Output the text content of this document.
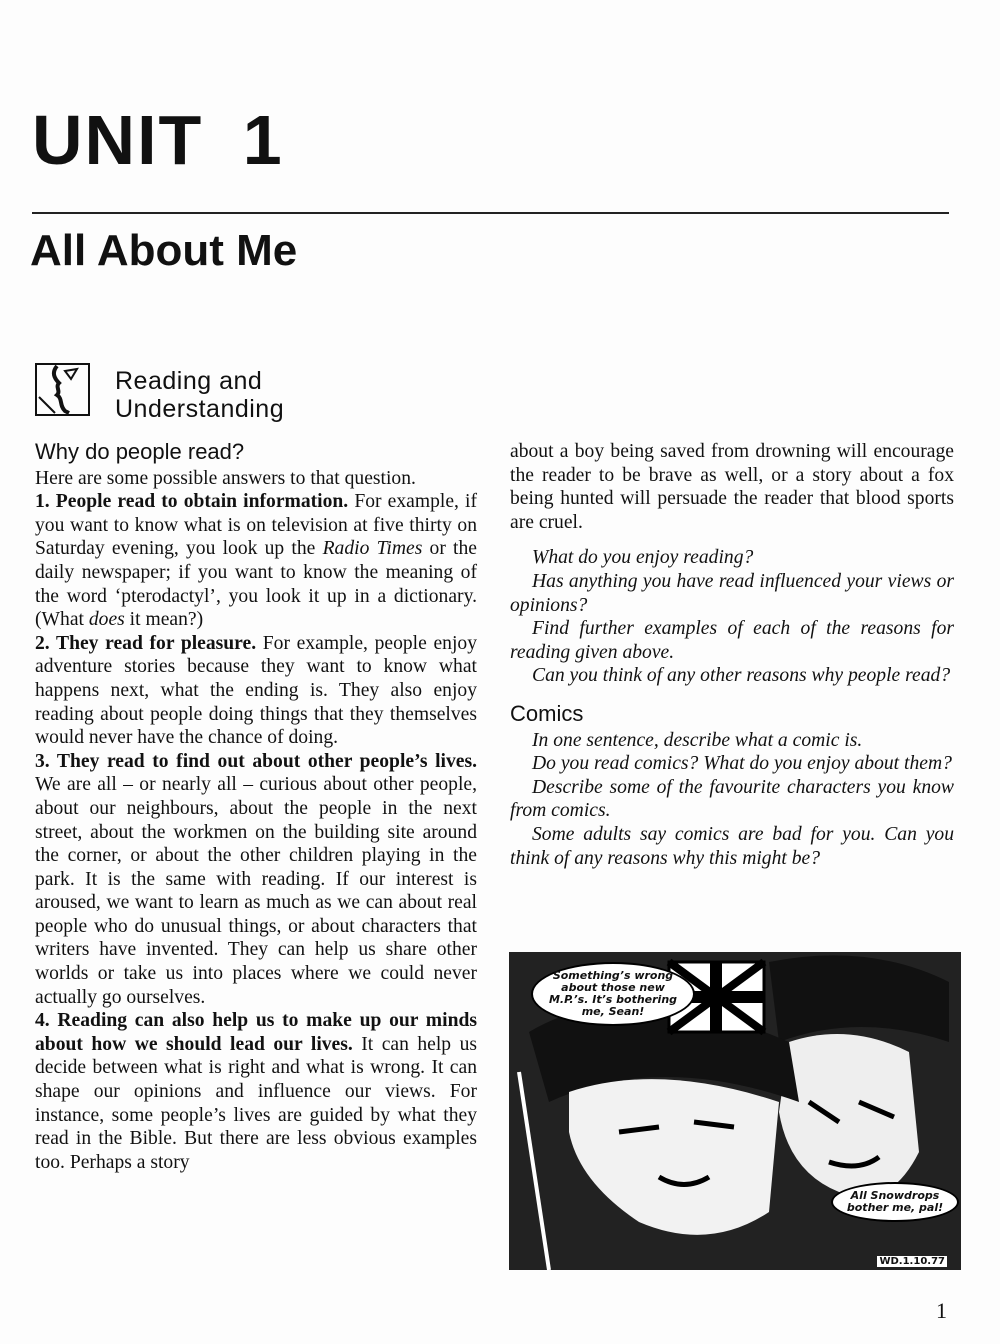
UNIT 1
All About Me
Reading and
Understanding
Why do people read?

Here are some possible answers to that question.

1. People read to obtain information. For example, if you want to know what is on television at five thirty on Saturday evening, you look up the Radio Times or the daily newspaper; if you want to know the meaning of the word ‘pterodactyl’, you look it up in a dictionary. (What does it mean?)

2. They read for pleasure. For example, people enjoy adventure stories because they want to know what happens next, what the ending is. They also enjoy reading about people doing things that they themselves would never have the chance of doing.

3. They read to find out about other people’s lives. We are all – or nearly all – curious about other people, about our neighbours, about the people in the next street, about the workmen on the building site around the corner, or about the other children playing in the park. It is the same with reading. If our interest is aroused, we want to learn as much as we can about real people who do unusual things, or about characters that writers have invented. They can help us share other worlds or take us into places where we could never actually go ourselves.

4. Reading can also help us to make up our minds about how we should lead our lives. It can help us decide between what is right and what is wrong. It can shape our opinions and influence our views. For instance, some people’s lives are guided by what they read in the Bible. But there are less obvious examples too. Perhaps a story

about a boy being saved from drowning will encourage the reader to be brave as well, or a story about a fox being hunted will persuade the reader that blood sports are cruel.

What do you enjoy reading?

Has anything you have read influenced your views or opinions?

Find further examples of each of the reasons for reading given above.

Can you think of any other reasons why people read?

Comics

In one sentence, describe what a comic is.

Do you read comics? What do you enjoy about them?

Describe some of the favourite characters you know from comics.

Some adults say comics are bad for you. Can you think of any reasons why this might be?

Something’s wrong about those new M.P.’s. It’s bothering me, Sean!
All Snowdrops bother me, pal!
WD.1.10.77
1
